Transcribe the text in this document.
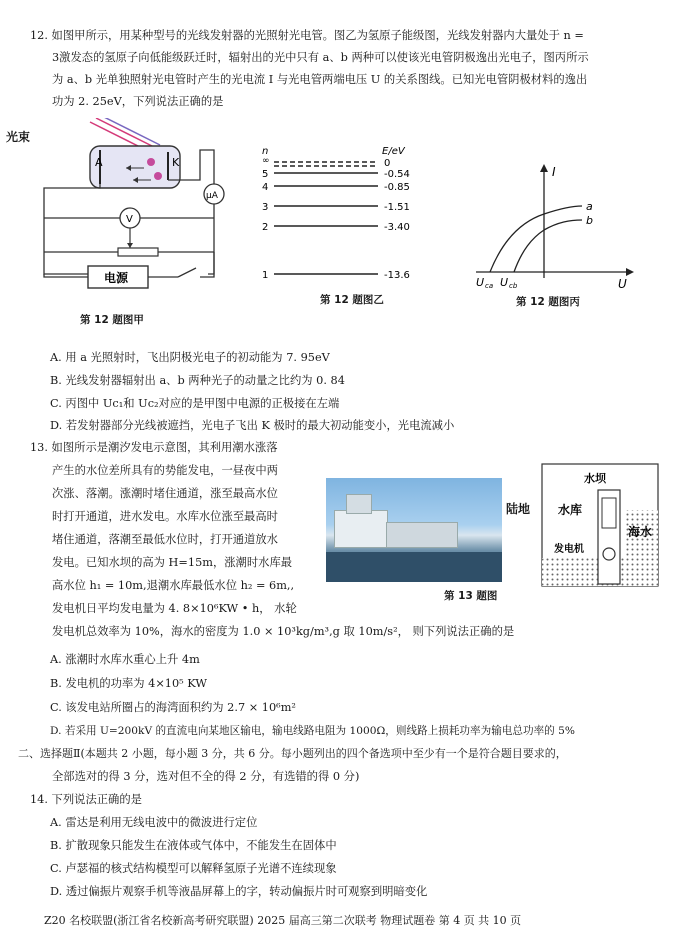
12. 如图甲所示，用某种型号的光线发射器的光照射光电管。图乙为氢原子能级图，光线发射器内大量处于 n =
3激发态的氢原子向低能级跃迁时，辐射出的光中只有 a、b 两种可以使该光电管阴极逸出光电子，图丙所示
为 a、b 光单独照射光电管时产生的光电流 I 与光电管两端电压 U 的关系图线。已知光电管阴极材料的逸出
功为 2. 25eV，下列说法正确的是
A	K
μA
V
电源
光束
第 12 题图甲
n	E/eV
∞	0
5	-0.54
4	-0.85
3	-1.51
2	-3.40
1	-13.6
第 12 题图乙
I
U
a
b
U ca U cb
第 12 题图丙
A. 用 a 光照射时，飞出阴极光电子的初动能为 7. 95eV
B. 光线发射器辐射出 a、b 两种光子的动量之比约为 0. 84
C. 丙图中 Uc₁和 Uc₂对应的是甲图中电源的正极接在左端
D. 若发射器部分光线被遮挡，光电子飞出 K 极时的最大初动能变小，光电流减小
13. 如图所示是潮汐发电示意图，其利用潮水涨落
产生的水位差所具有的势能发电，一昼夜中两
次涨、落潮。涨潮时堵住通道，涨至最高水位
时打开通道，进水发电。水库水位涨至最高时
堵住通道，落潮至最低水位时，打开通道放水
发电。已知水坝的高为 H=15m，涨潮时水库最
高水位 h₁ = 10m,退潮水库最低水位 h₂ = 6m,,
发电机日平均发电量为 4. 8×10⁶KW • h， 水轮
发电机总效率为 10%，海水的密度为 1.0 × 10³kg/m³,g 取 10m/s²， 则下列说法正确的是
第 13 题图
陆地
水坝
水库
发电机
海水
A. 涨潮时水库水重心上升 4m
B. 发电机的功率为 4×10⁵ KW
C. 该发电站所圈占的海湾面积约为 2.7 × 10⁶m²
D. 若采用 U=200kV 的直流电向某地区输电，输电线路电阻为 1000Ω，则线路上损耗功率为输电总功率的 5%
二、选择题Ⅱ(本题共 2 小题，每小题 3 分，共 6 分。每小题列出的四个备选项中至少有一个是符合题目要求的，
全部选对的得 3 分，选对但不全的得 2 分，有选错的得 0 分)
14. 下列说法正确的是
A. 雷达是利用无线电波中的微波进行定位
B. 扩散现象只能发生在液体或气体中，不能发生在固体中
C. 卢瑟福的核式结构模型可以解释氢原子光谱不连续现象
D. 透过偏振片观察手机等液晶屏幕上的字，转动偏振片时可观察到明暗变化
Z20 名校联盟(浙江省名校新高考研究联盟) 2025 届高三第二次联考 物理试题卷 第 4 页 共 10 页
